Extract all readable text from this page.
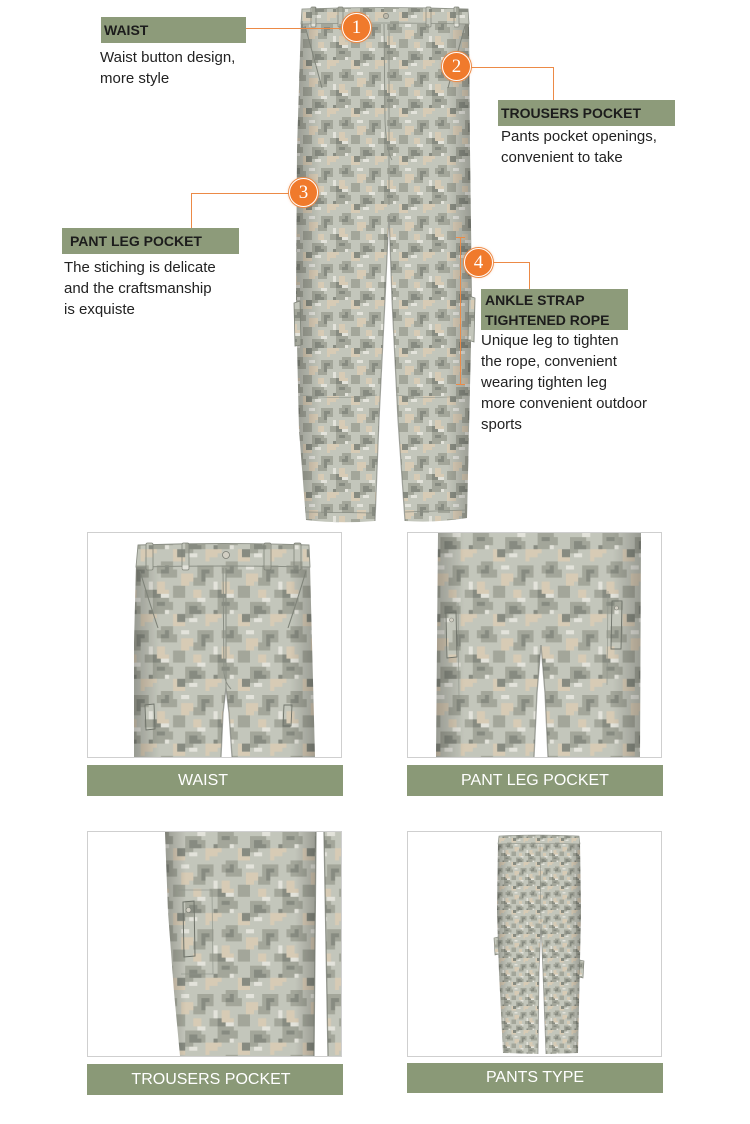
1
WAIST
Waist button design,
more style
2
TROUSERS POCKET
Pants pocket openings,
convenient to take
3
PANT LEG POCKET
The stiching is delicate
and the craftsmanship
is exquiste
4
ANKLE STRAP
TIGHTENED ROPE
Unique leg to tighten
the rope, convenient
wearing tighten leg
more convenient outdoor
sports
WAIST	PANT LEG POCKET
TROUSERS POCKET	PANTS TYPE
